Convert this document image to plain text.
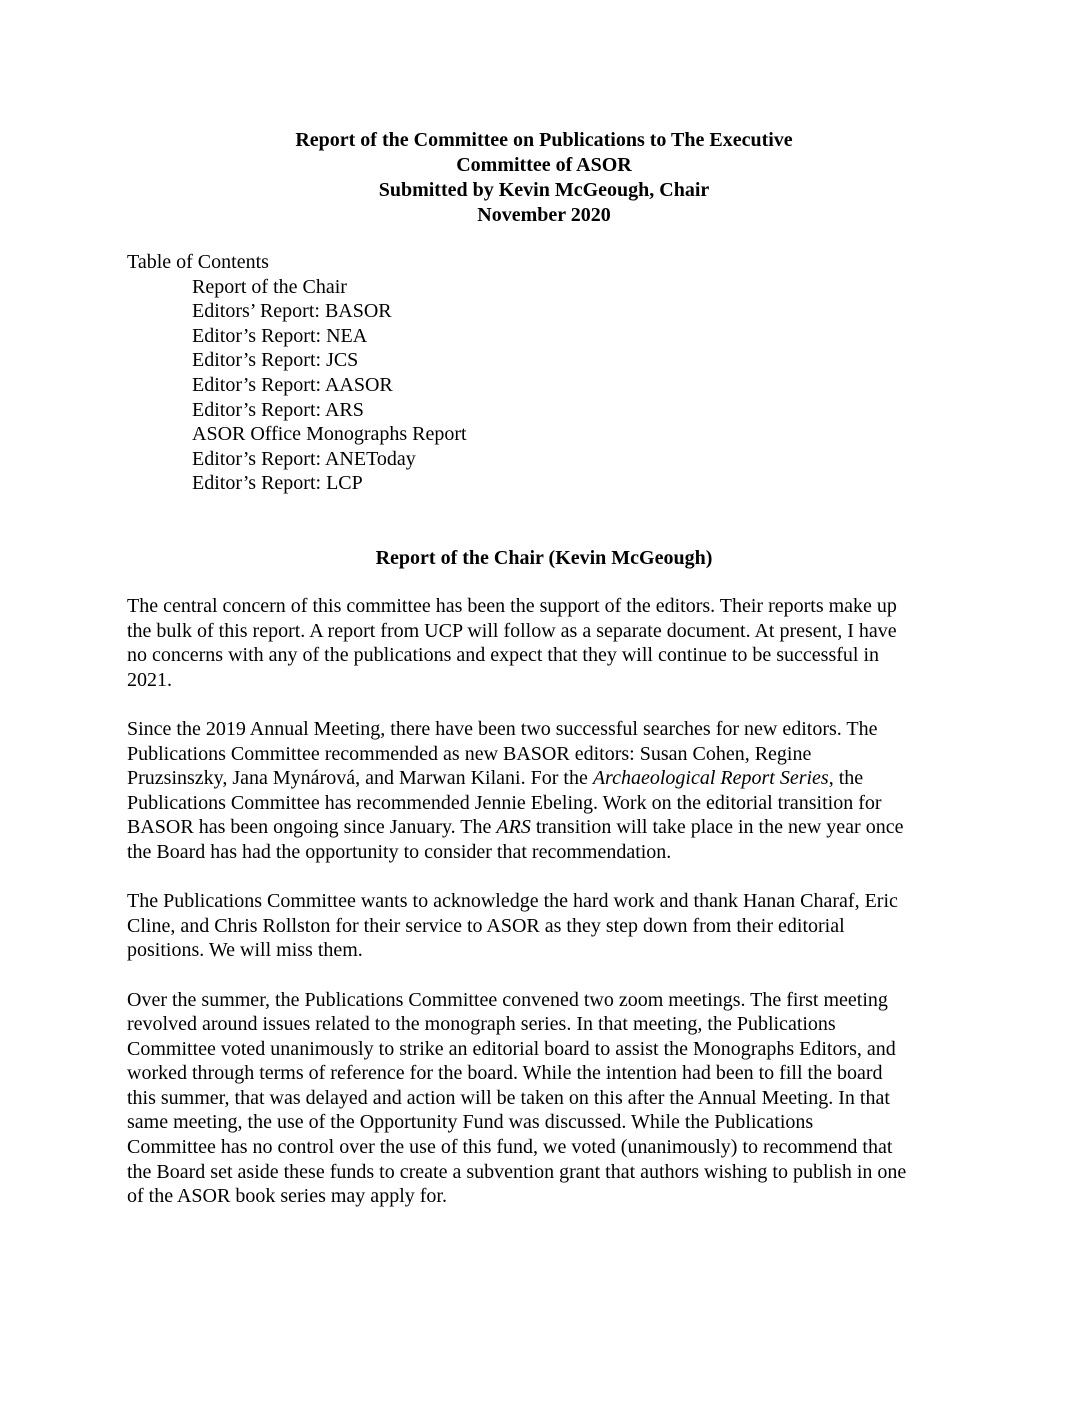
Report of the Committee on Publications to The Executive
Committee of ASOR
Submitted by Kevin McGeough, Chair
November 2020
Table of Contents
Report of the Chair
Editors’ Report: BASOR
Editor’s Report: NEA
Editor’s Report: JCS
Editor’s Report: AASOR
Editor’s Report: ARS
ASOR Office Monographs Report
Editor’s Report: ANEToday
Editor’s Report: LCP
Report of the Chair (Kevin McGeough)

The central concern of this committee has been the support of the editors. Their reports make up
the bulk of this report. A report from UCP will follow as a separate document. At present, I have
no concerns with any of the publications and expect that they will continue to be successful in
2021.

Since the 2019 Annual Meeting, there have been two successful searches for new editors. The
Publications Committee recommended as new BASOR editors: Susan Cohen, Regine
Pruzsinszky, Jana Mynárová, and Marwan Kilani. For the Archaeological Report Series, the
Publications Committee has recommended Jennie Ebeling. Work on the editorial transition for
BASOR has been ongoing since January. The ARS transition will take place in the new year once
the Board has had the opportunity to consider that recommendation.

The Publications Committee wants to acknowledge the hard work and thank Hanan Charaf, Eric
Cline, and Chris Rollston for their service to ASOR as they step down from their editorial
positions. We will miss them.

Over the summer, the Publications Committee convened two zoom meetings. The first meeting
revolved around issues related to the monograph series. In that meeting, the Publications
Committee voted unanimously to strike an editorial board to assist the Monographs Editors, and
worked through terms of reference for the board. While the intention had been to fill the board
this summer, that was delayed and action will be taken on this after the Annual Meeting. In that
same meeting, the use of the Opportunity Fund was discussed. While the Publications
Committee has no control over the use of this fund, we voted (unanimously) to recommend that
the Board set aside these funds to create a subvention grant that authors wishing to publish in one
of the ASOR book series may apply for.
